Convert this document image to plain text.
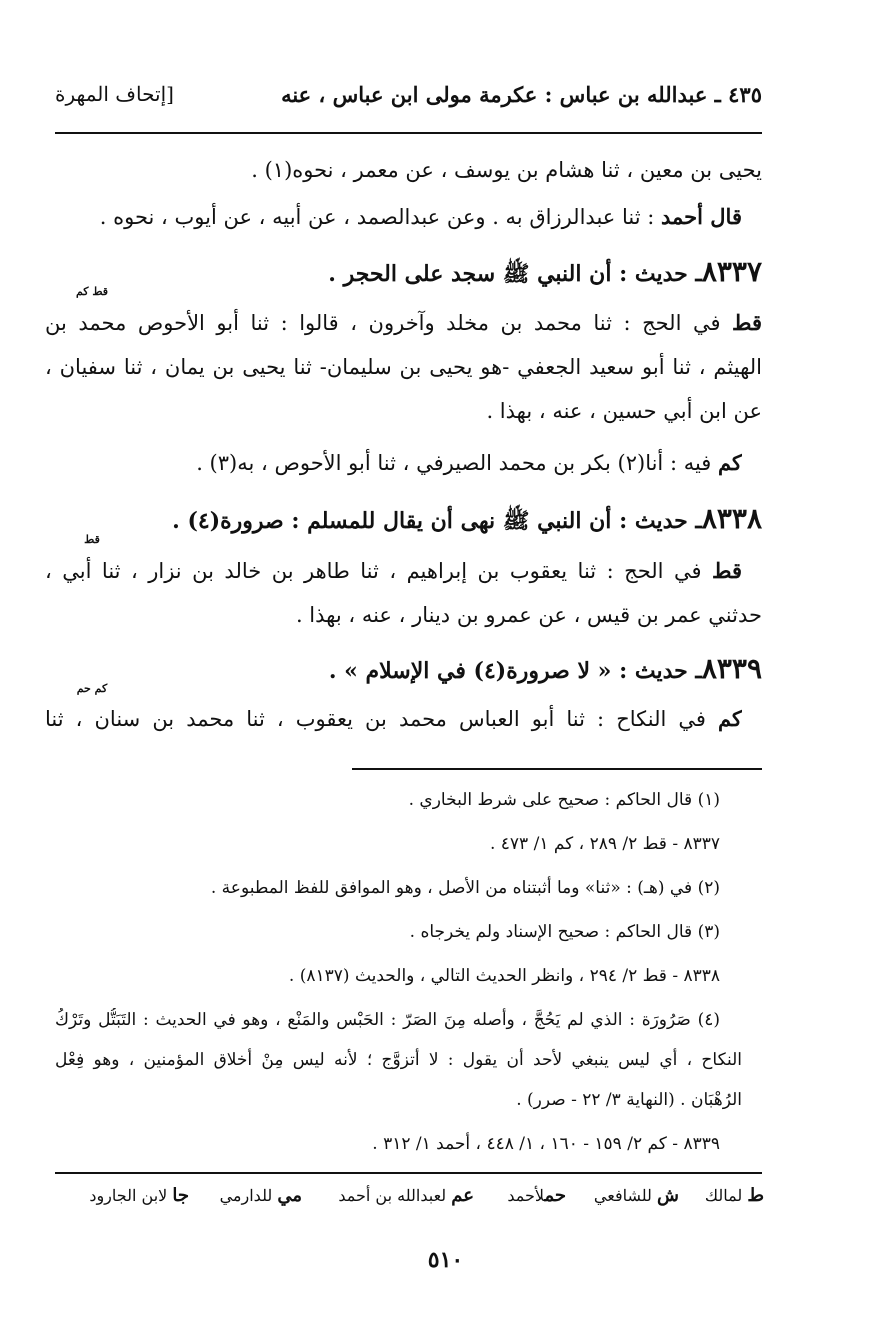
٤٣٥ ـ عبدالله بن عباس : عكرمة مولى ابن عباس ، عنه
[إتحاف المهرة
يحيى بن معين ، ثنا هشام بن يوسف ، عن معمر ، نحوه(١) .
قال أحمد : ثنا عبدالرزاق به . وعن عبدالصمد ، عن أبيه ، عن أيوب ، نحوه .
٨٣٣٧ـ حديث : أن النبي ﷺ سجد على الحجر .
قط كم
قط في الحج : ثنا محمد بن مخلد وآخرون ، قالوا : ثنا أبو الأحوص محمد بن
الهيثم ، ثنا أبو سعيد الجعفي -هو يحيى بن سليمان- ثنا يحيى بن يمان ، ثنا سفيان ،
عن ابن أبي حسين ، عنه ، بهذا .
كم فيه : أنا(٢) بكر بن محمد الصيرفي ، ثنا أبو الأحوص ، به(٣) .
٨٣٣٨ـ حديث : أن النبي ﷺ نهى أن يقال للمسلم : صرورة(٤) .
قط
قط في الحج : ثنا يعقوب بن إبراهيم ، ثنا طاهر بن خالد بن نزار ، ثنا أبي ،
حدثني عمر بن قيس ، عن عمرو بن دينار ، عنه ، بهذا .
٨٣٣٩ـ حديث : « لا صرورة(٤) في الإسلام » .
كم حم
كم في النكاح : ثنا أبو العباس محمد بن يعقوب ، ثنا محمد بن سنان ، ثنا
(١) قال الحاكم : صحيح على شرط البخاري .
٨٣٣٧ - قط ٢/ ٢٨٩ ، كم ١/ ٤٧٣ .
(٢) في (هـ) : «ثنا» وما أثبتناه من الأصل ، وهو الموافق للفظ المطبوعة .
(٣) قال الحاكم : صحيح الإسناد ولم يخرجاه .
٨٣٣٨ - قط ٢/ ٢٩٤ ، وانظر الحديث التالي ، والحديث (٨١٣٧) .
(٤) صَرُورَة : الذي لم يَحُجَّ ، وأصله مِنَ الصَرّ : الحَبْس والمَنْع ، وهو في الحديث : التَبَتُّل وتَرْكُ
النكاح ، أي ليس ينبغي لأحد أن يقول : لا أتزوَّج ؛ لأنه ليس مِنْ أخلاق المؤمنين ، وهو فِعْل
الرُهْبَان . (النهاية ٣/ ٢٢ - صرر) .
٨٣٣٩ - كم ٢/ ١٥٩ - ١٦٠ ، ١/ ٤٤٨ ، أحمد ١/ ٣١٢ .
ط لمالك
ش للشافعي
حملأحمد
عم لعبدالله بن أحمد
مي للدارمي
جا لابن الجارود
٥١٠
